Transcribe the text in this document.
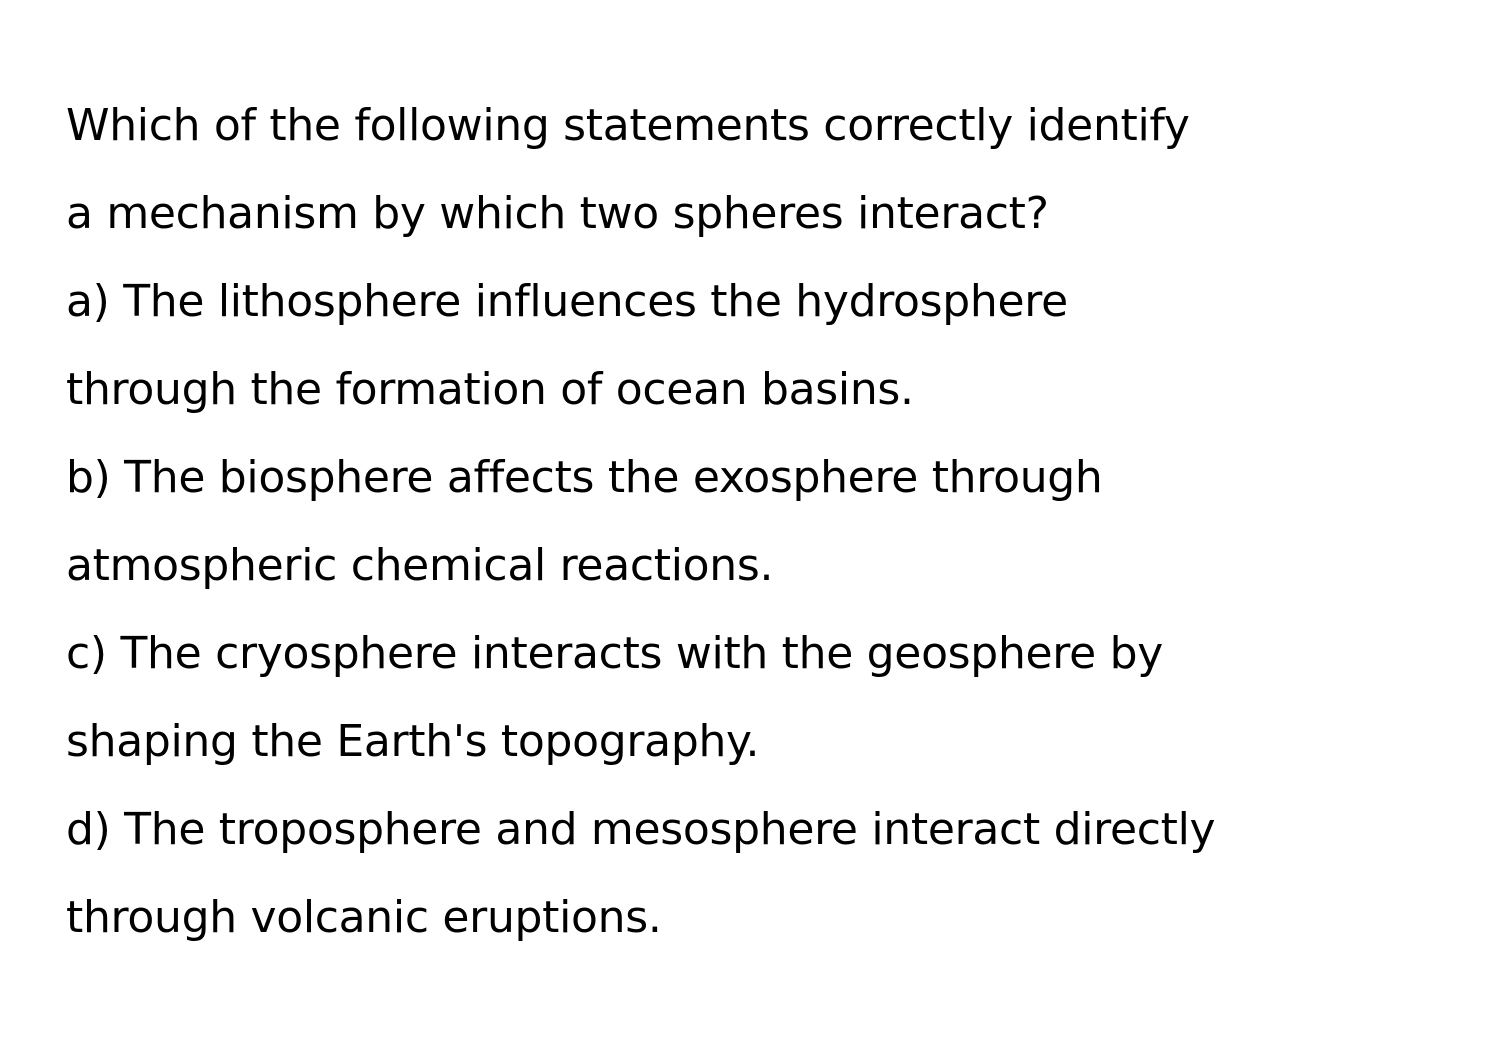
Which of the following statements correctly identify
a mechanism by which two spheres interact?
a) The lithosphere influences the hydrosphere
through the formation of ocean basins.
b) The biosphere affects the exosphere through
atmospheric chemical reactions.
c) The cryosphere interacts with the geosphere by
shaping the Earth's topography.
d) The troposphere and mesosphere interact directly
through volcanic eruptions.
